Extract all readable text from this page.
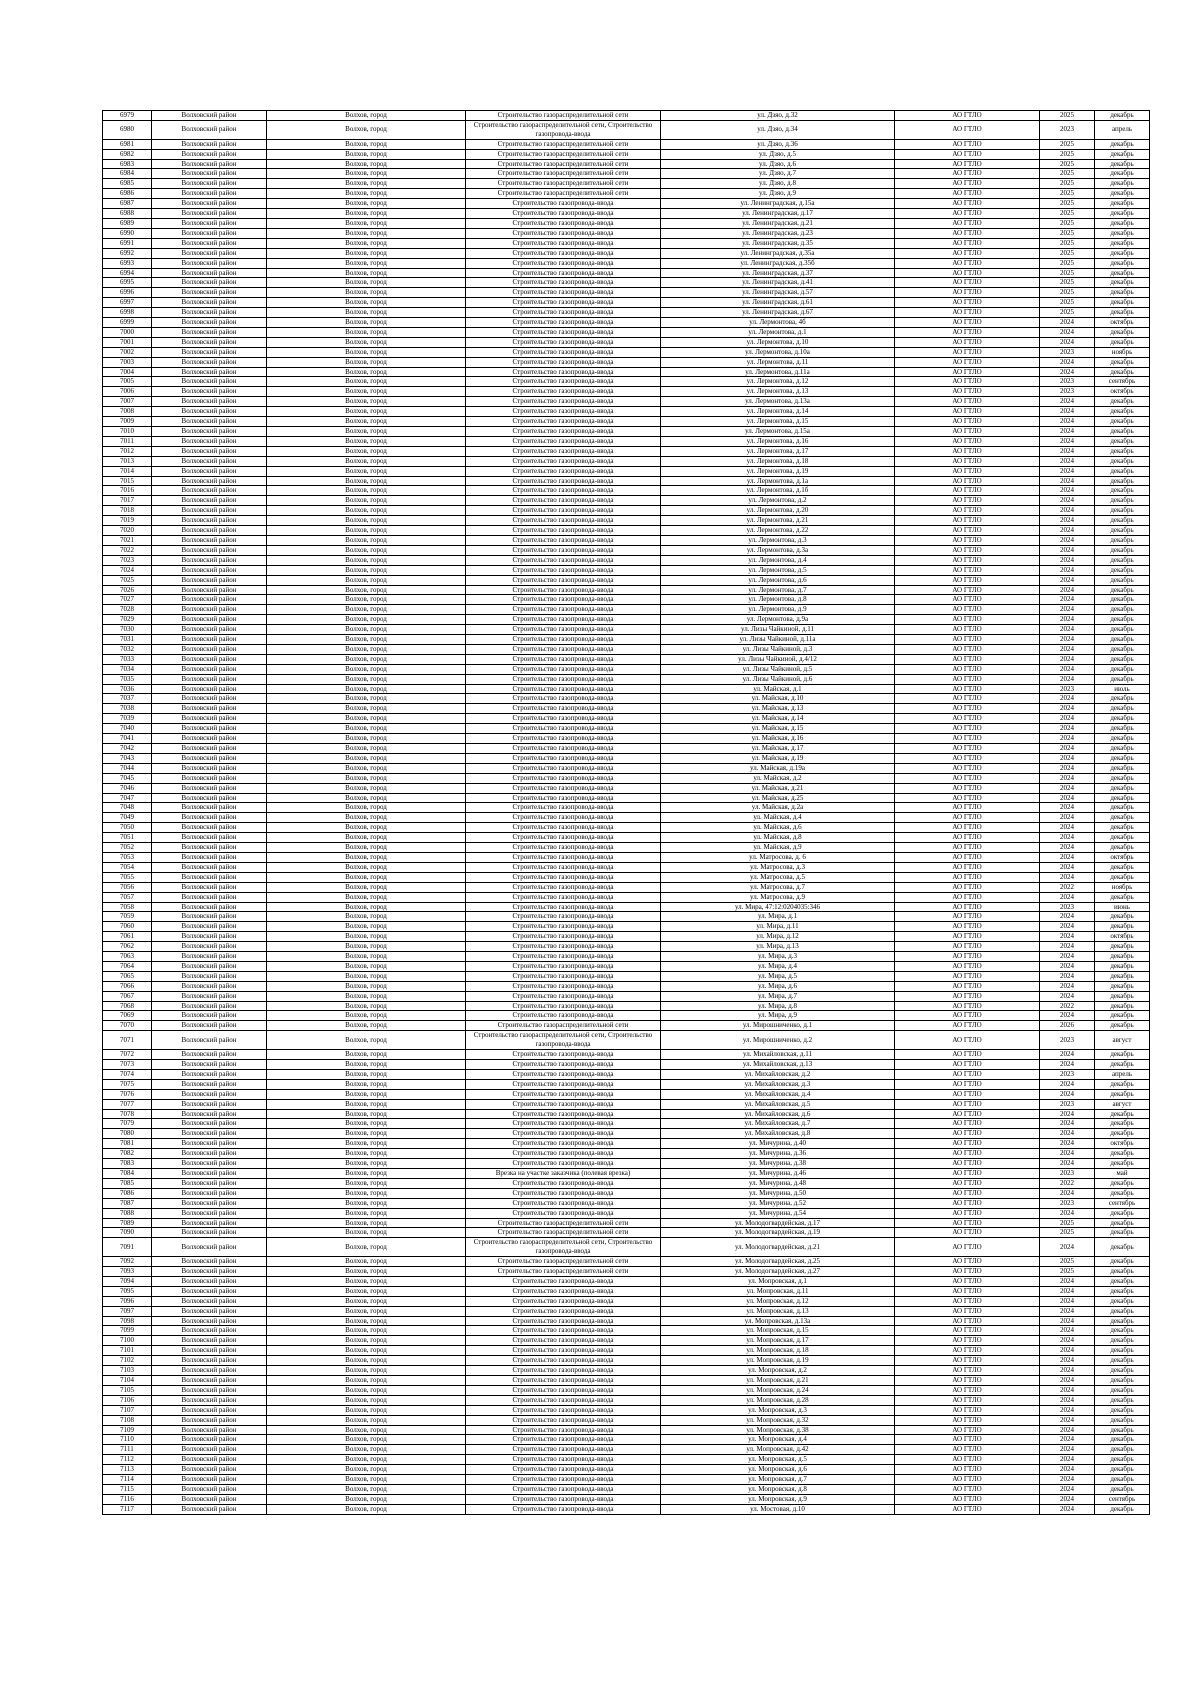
6979	Волховский район	Волхов, город	Строительство газораспределительной сети	ул. Дзяо, д.32	АО ГТЛО	2025	декабрь
6980	Волховский район	Волхов, город	Строительство газораспределительной сети, Строительство газопровода-ввода	ул. Дзяо, д.34	АО ГТЛО	2023	апрель
6981	Волховский район	Волхов, город	Строительство газораспределительной сети	ул. Дзяо, д.36	АО ГТЛО	2025	декабрь
6982	Волховский район	Волхов, город	Строительство газораспределительной сети	ул. Дзяо, д.5	АО ГТЛО	2025	декабрь
6983	Волховский район	Волхов, город	Строительство газораспределительной сети	ул. Дзяо, д.6	АО ГТЛО	2025	декабрь
6984	Волховский район	Волхов, город	Строительство газораспределительной сети	ул. Дзяо, д.7	АО ГТЛО	2025	декабрь
6985	Волховский район	Волхов, город	Строительство газораспределительной сети	ул. Дзяо, д.8	АО ГТЛО	2025	декабрь
6986	Волховский район	Волхов, город	Строительство газораспределительной сети	ул. Дзяо, д.9	АО ГТЛО	2025	декабрь
6987	Волховский район	Волхов, город	Строительство газопровода-ввода	ул. Ленинградская, д.15а	АО ГТЛО	2025	декабрь
6988	Волховский район	Волхов, город	Строительство газопровода-ввода	ул. Ленинградская, д.17	АО ГТЛО	2025	декабрь
6989	Волховский район	Волхов, город	Строительство газопровода-ввода	ул. Ленинградская, д.21	АО ГТЛО	2025	декабрь
6990	Волховский район	Волхов, город	Строительство газопровода-ввода	ул. Ленинградская, д.23	АО ГТЛО	2025	декабрь
6991	Волховский район	Волхов, город	Строительство газопровода-ввода	ул. Ленинградская, д.35	АО ГТЛО	2025	декабрь
6992	Волховский район	Волхов, город	Строительство газопровода-ввода	ул. Ленинградская, д.35а	АО ГТЛО	2025	декабрь
6993	Волховский район	Волхов, город	Строительство газопровода-ввода	ул. Ленинградская, д.35б	АО ГТЛО	2025	декабрь
6994	Волховский район	Волхов, город	Строительство газопровода-ввода	ул. Ленинградская, д.37	АО ГТЛО	2025	декабрь
6995	Волховский район	Волхов, город	Строительство газопровода-ввода	ул. Ленинградская, д.41	АО ГТЛО	2025	декабрь
6996	Волховский район	Волхов, город	Строительство газопровода-ввода	ул. Ленинградская, д.57	АО ГТЛО	2025	декабрь
6997	Волховский район	Волхов, город	Строительство газопровода-ввода	ул. Ленинградская, д.61	АО ГТЛО	2025	декабрь
6998	Волховский район	Волхов, город	Строительство газопровода-ввода	ул. Ленинградская, д.67	АО ГТЛО	2025	декабрь
6999	Волховский район	Волхов, город	Строительство газопровода-ввода	ул. Лермонтова, 4б	АО ГТЛО	2024	октябрь
7000	Волховский район	Волхов, город	Строительство газопровода-ввода	ул. Лермонтова, д.1	АО ГТЛО	2024	декабрь
7001	Волховский район	Волхов, город	Строительство газопровода-ввода	ул. Лермонтова, д.10	АО ГТЛО	2024	декабрь
7002	Волховский район	Волхов, город	Строительство газопровода-ввода	ул. Лермонтова, д.10а	АО ГТЛО	2023	ноябрь
7003	Волховский район	Волхов, город	Строительство газопровода-ввода	ул. Лермонтова, д.11	АО ГТЛО	2024	декабрь
7004	Волховский район	Волхов, город	Строительство газопровода-ввода	ул. Лермонтова, д.11а	АО ГТЛО	2024	декабрь
7005	Волховский район	Волхов, город	Строительство газопровода-ввода	ул. Лермонтова, д.12	АО ГТЛО	2023	сентябрь
7006	Волховский район	Волхов, город	Строительство газопровода-ввода	ул. Лермонтова, д.13	АО ГТЛО	2023	октябрь
7007	Волховский район	Волхов, город	Строительство газопровода-ввода	ул. Лермонтова, д.13а	АО ГТЛО	2024	декабрь
7008	Волховский район	Волхов, город	Строительство газопровода-ввода	ул. Лермонтова, д.14	АО ГТЛО	2024	декабрь
7009	Волховский район	Волхов, город	Строительство газопровода-ввода	ул. Лермонтова, д.15	АО ГТЛО	2024	декабрь
7010	Волховский район	Волхов, город	Строительство газопровода-ввода	ул. Лермонтова, д.15а	АО ГТЛО	2024	декабрь
7011	Волховский район	Волхов, город	Строительство газопровода-ввода	ул. Лермонтова, д.16	АО ГТЛО	2024	декабрь
7012	Волховский район	Волхов, город	Строительство газопровода-ввода	ул. Лермонтова, д.17	АО ГТЛО	2024	декабрь
7013	Волховский район	Волхов, город	Строительство газопровода-ввода	ул. Лермонтова, д.18	АО ГТЛО	2024	декабрь
7014	Волховский район	Волхов, город	Строительство газопровода-ввода	ул. Лермонтова, д.19	АО ГТЛО	2024	декабрь
7015	Волховский район	Волхов, город	Строительство газопровода-ввода	ул. Лермонтова, д.1а	АО ГТЛО	2024	декабрь
7016	Волховский район	Волхов, город	Строительство газопровода-ввода	ул. Лермонтова, д.1б	АО ГТЛО	2024	декабрь
7017	Волховский район	Волхов, город	Строительство газопровода-ввода	ул. Лермонтова, д.2	АО ГТЛО	2024	декабрь
7018	Волховский район	Волхов, город	Строительство газопровода-ввода	ул. Лермонтова, д.20	АО ГТЛО	2024	декабрь
7019	Волховский район	Волхов, город	Строительство газопровода-ввода	ул. Лермонтова, д.21	АО ГТЛО	2024	декабрь
7020	Волховский район	Волхов, город	Строительство газопровода-ввода	ул. Лермонтова, д.22	АО ГТЛО	2024	декабрь
7021	Волховский район	Волхов, город	Строительство газопровода-ввода	ул. Лермонтова, д.3	АО ГТЛО	2024	декабрь
7022	Волховский район	Волхов, город	Строительство газопровода-ввода	ул. Лермонтова, д.3а	АО ГТЛО	2024	декабрь
7023	Волховский район	Волхов, город	Строительство газопровода-ввода	ул. Лермонтова, д.4	АО ГТЛО	2024	декабрь
7024	Волховский район	Волхов, город	Строительство газопровода-ввода	ул. Лермонтова, д.5	АО ГТЛО	2024	декабрь
7025	Волховский район	Волхов, город	Строительство газопровода-ввода	ул. Лермонтова, д.6	АО ГТЛО	2024	декабрь
7026	Волховский район	Волхов, город	Строительство газопровода-ввода	ул. Лермонтова, д.7	АО ГТЛО	2024	декабрь
7027	Волховский район	Волхов, город	Строительство газопровода-ввода	ул. Лермонтова, д.8	АО ГТЛО	2024	декабрь
7028	Волховский район	Волхов, город	Строительство газопровода-ввода	ул. Лермонтова, д.9	АО ГТЛО	2024	декабрь
7029	Волховский район	Волхов, город	Строительство газопровода-ввода	ул. Лермонтова, д.9а	АО ГТЛО	2024	декабрь
7030	Волховский район	Волхов, город	Строительство газопровода-ввода	ул. Лизы Чайкиной, д.11	АО ГТЛО	2024	декабрь
7031	Волховский район	Волхов, город	Строительство газопровода-ввода	ул. Лизы Чайкиной, д.11а	АО ГТЛО	2024	декабрь
7032	Волховский район	Волхов, город	Строительство газопровода-ввода	ул. Лизы Чайкиной, д.3	АО ГТЛО	2024	декабрь
7033	Волховский район	Волхов, город	Строительство газопровода-ввода	ул. Лизы Чайкиной, д.4/12	АО ГТЛО	2024	декабрь
7034	Волховский район	Волхов, город	Строительство газопровода-ввода	ул. Лизы Чайкиной, д.5	АО ГТЛО	2024	декабрь
7035	Волховский район	Волхов, город	Строительство газопровода-ввода	ул. Лизы Чайкиной, д.6	АО ГТЛО	2024	декабрь
7036	Волховский район	Волхов, город	Строительство газопровода-ввода	ул. Майская, д.1	АО ГТЛО	2023	июль
7037	Волховский район	Волхов, город	Строительство газопровода-ввода	ул. Майская, д.10	АО ГТЛО	2024	декабрь
7038	Волховский район	Волхов, город	Строительство газопровода-ввода	ул. Майская, д.13	АО ГТЛО	2024	декабрь
7039	Волховский район	Волхов, город	Строительство газопровода-ввода	ул. Майская, д.14	АО ГТЛО	2024	декабрь
7040	Волховский район	Волхов, город	Строительство газопровода-ввода	ул. Майская, д.15	АО ГТЛО	2024	декабрь
7041	Волховский район	Волхов, город	Строительство газопровода-ввода	ул. Майская, д.16	АО ГТЛО	2024	декабрь
7042	Волховский район	Волхов, город	Строительство газопровода-ввода	ул. Майская, д.17	АО ГТЛО	2024	декабрь
7043	Волховский район	Волхов, город	Строительство газопровода-ввода	ул. Майская, д.19	АО ГТЛО	2024	декабрь
7044	Волховский район	Волхов, город	Строительство газопровода-ввода	ул. Майская, д.19а	АО ГТЛО	2024	декабрь
7045	Волховский район	Волхов, город	Строительство газопровода-ввода	ул. Майская, д.2	АО ГТЛО	2024	декабрь
7046	Волховский район	Волхов, город	Строительство газопровода-ввода	ул. Майская, д.21	АО ГТЛО	2024	декабрь
7047	Волховский район	Волхов, город	Строительство газопровода-ввода	ул. Майская, д.25	АО ГТЛО	2024	декабрь
7048	Волховский район	Волхов, город	Строительство газопровода-ввода	ул. Майская, д.2а	АО ГТЛО	2024	декабрь
7049	Волховский район	Волхов, город	Строительство газопровода-ввода	ул. Майская, д.4	АО ГТЛО	2024	декабрь
7050	Волховский район	Волхов, город	Строительство газопровода-ввода	ул. Майская, д.6	АО ГТЛО	2024	декабрь
7051	Волховский район	Волхов, город	Строительство газопровода-ввода	ул. Майская, д.8	АО ГТЛО	2024	декабрь
7052	Волховский район	Волхов, город	Строительство газопровода-ввода	ул. Майская, д.9	АО ГТЛО	2024	декабрь
7053	Волховский район	Волхов, город	Строительство газопровода-ввода	ул. Матросова, д. 6	АО ГТЛО	2024	октябрь
7054	Волховский район	Волхов, город	Строительство газопровода-ввода	ул. Матросова, д.3	АО ГТЛО	2024	декабрь
7055	Волховский район	Волхов, город	Строительство газопровода-ввода	ул. Матросова, д.5	АО ГТЛО	2024	декабрь
7056	Волховский район	Волхов, город	Строительство газопровода-ввода	ул. Матросова, д.7	АО ГТЛО	2022	ноябрь
7057	Волховский район	Волхов, город	Строительство газопровода-ввода	ул. Матросова, д.9	АО ГТЛО	2024	декабрь
7058	Волховский район	Волхов, город	Строительство газопровода-ввода	ул. Мира, 47:12:0204035:346	АО ГТЛО	2023	июнь
7059	Волховский район	Волхов, город	Строительство газопровода-ввода	ул. Мира, д.1	АО ГТЛО	2024	декабрь
7060	Волховский район	Волхов, город	Строительство газопровода-ввода	ул. Мира, д.11	АО ГТЛО	2024	декабрь
7061	Волховский район	Волхов, город	Строительство газопровода-ввода	ул. Мира, д.12	АО ГТЛО	2024	октябрь
7062	Волховский район	Волхов, город	Строительство газопровода-ввода	ул. Мира, д.13	АО ГТЛО	2024	декабрь
7063	Волховский район	Волхов, город	Строительство газопровода-ввода	ул. Мира, д.3	АО ГТЛО	2024	декабрь
7064	Волховский район	Волхов, город	Строительство газопровода-ввода	ул. Мира, д.4	АО ГТЛО	2024	декабрь
7065	Волховский район	Волхов, город	Строительство газопровода-ввода	ул. Мира, д.5	АО ГТЛО	2024	декабрь
7066	Волховский район	Волхов, город	Строительство газопровода-ввода	ул. Мира, д.6	АО ГТЛО	2024	декабрь
7067	Волховский район	Волхов, город	Строительство газопровода-ввода	ул. Мира, д.7	АО ГТЛО	2024	декабрь
7068	Волховский район	Волхов, город	Строительство газопровода-ввода	ул. Мира, д.8	АО ГТЛО	2022	декабрь
7069	Волховский район	Волхов, город	Строительство газопровода-ввода	ул. Мира, д.9	АО ГТЛО	2024	декабрь
7070	Волховский район	Волхов, город	Строительство газораспределительной сети	ул. Мирошниченко, д.1	АО ГТЛО	2026	декабрь
7071	Волховский район	Волхов, город	Строительство газораспределительной сети, Строительство газопровода-ввода	ул. Мирошниченко, д.2	АО ГТЛО	2023	август
7072	Волховский район	Волхов, город	Строительство газопровода-ввода	ул. Михайловская, д.11	АО ГТЛО	2024	декабрь
7073	Волховский район	Волхов, город	Строительство газопровода-ввода	ул. Михайловская, д.13	АО ГТЛО	2024	декабрь
7074	Волховский район	Волхов, город	Строительство газопровода-ввода	ул. Михайловская, д.2	АО ГТЛО	2023	апрель
7075	Волховский район	Волхов, город	Строительство газопровода-ввода	ул. Михайловская, д.3	АО ГТЛО	2024	декабрь
7076	Волховский район	Волхов, город	Строительство газопровода-ввода	ул. Михайловская, д.4	АО ГТЛО	2024	декабрь
7077	Волховский район	Волхов, город	Строительство газопровода-ввода	ул. Михайловская, д.5	АО ГТЛО	2023	август
7078	Волховский район	Волхов, город	Строительство газопровода-ввода	ул. Михайловская, д.6	АО ГТЛО	2024	декабрь
7079	Волховский район	Волхов, город	Строительство газопровода-ввода	ул. Михайловская, д.7	АО ГТЛО	2024	декабрь
7080	Волховский район	Волхов, город	Строительство газопровода-ввода	ул. Михайловская, д.8	АО ГТЛО	2024	декабрь
7081	Волховский район	Волхов, город	Строительство газопровода-ввода	ул. Мичурина, д.40	АО ГТЛО	2024	октябрь
7082	Волховский район	Волхов, город	Строительство газопровода-ввода	ул. Мичурина, д.36	АО ГТЛО	2024	декабрь
7083	Волховский район	Волхов, город	Строительство газопровода-ввода	ул. Мичурина, д.38	АО ГТЛО	2024	декабрь
7084	Волховский район	Волхов, город	Врезка на участке заказчика (полевая врезка)	ул. Мичурина, д.46	АО ГТЛО	2023	май
7085	Волховский район	Волхов, город	Строительство газопровода-ввода	ул. Мичурина, д.48	АО ГТЛО	2022	декабрь
7086	Волховский район	Волхов, город	Строительство газопровода-ввода	ул. Мичурина, д.50	АО ГТЛО	2024	декабрь
7087	Волховский район	Волхов, город	Строительство газопровода-ввода	ул. Мичурина, д.52	АО ГТЛО	2023	сентябрь
7088	Волховский район	Волхов, город	Строительство газопровода-ввода	ул. Мичурина, д.54	АО ГТЛО	2024	декабрь
7089	Волховский район	Волхов, город	Строительство газораспределительной сети	ул. Молодогвардейская, д.17	АО ГТЛО	2025	декабрь
7090	Волховский район	Волхов, город	Строительство газораспределительной сети	ул. Молодогвардейская, д.19	АО ГТЛО	2025	декабрь
7091	Волховский район	Волхов, город	Строительство газораспределительной сети, Строительство газопровода-ввода	ул. Молодогвардейская, д.21	АО ГТЛО	2024	декабрь
7092	Волховский район	Волхов, город	Строительство газораспределительной сети	ул. Молодогвардейская, д.25	АО ГТЛО	2025	декабрь
7093	Волховский район	Волхов, город	Строительство газораспределительной сети	ул. Молодогвардейская, д.27	АО ГТЛО	2025	декабрь
7094	Волховский район	Волхов, город	Строительство газопровода-ввода	ул. Мопровская, д.1	АО ГТЛО	2024	декабрь
7095	Волховский район	Волхов, город	Строительство газопровода-ввода	ул. Мопровская, д.11	АО ГТЛО	2024	декабрь
7096	Волховский район	Волхов, город	Строительство газопровода-ввода	ул. Мопровская, д.12	АО ГТЛО	2024	декабрь
7097	Волховский район	Волхов, город	Строительство газопровода-ввода	ул. Мопровская, д.13	АО ГТЛО	2024	декабрь
7098	Волховский район	Волхов, город	Строительство газопровода-ввода	ул. Мопровская, д.13а	АО ГТЛО	2024	декабрь
7099	Волховский район	Волхов, город	Строительство газопровода-ввода	ул. Мопровская, д.15	АО ГТЛО	2024	декабрь
7100	Волховский район	Волхов, город	Строительство газопровода-ввода	ул. Мопровская, д.17	АО ГТЛО	2024	декабрь
7101	Волховский район	Волхов, город	Строительство газопровода-ввода	ул. Мопровская, д.18	АО ГТЛО	2024	декабрь
7102	Волховский район	Волхов, город	Строительство газопровода-ввода	ул. Мопровская, д.19	АО ГТЛО	2024	декабрь
7103	Волховский район	Волхов, город	Строительство газопровода-ввода	ул. Мопровская, д.2	АО ГТЛО	2024	декабрь
7104	Волховский район	Волхов, город	Строительство газопровода-ввода	ул. Мопровская, д.21	АО ГТЛО	2024	декабрь
7105	Волховский район	Волхов, город	Строительство газопровода-ввода	ул. Мопровская, д.24	АО ГТЛО	2024	декабрь
7106	Волховский район	Волхов, город	Строительство газопровода-ввода	ул. Мопровская, д.28	АО ГТЛО	2024	декабрь
7107	Волховский район	Волхов, город	Строительство газопровода-ввода	ул. Мопровская, д.3	АО ГТЛО	2024	декабрь
7108	Волховский район	Волхов, город	Строительство газопровода-ввода	ул. Мопровская, д.32	АО ГТЛО	2024	декабрь
7109	Волховский район	Волхов, город	Строительство газопровода-ввода	ул. Мопровская, д.38	АО ГТЛО	2024	декабрь
7110	Волховский район	Волхов, город	Строительство газопровода-ввода	ул. Мопровская, д.4	АО ГТЛО	2024	декабрь
7111	Волховский район	Волхов, город	Строительство газопровода-ввода	ул. Мопровская, д.42	АО ГТЛО	2024	декабрь
7112	Волховский район	Волхов, город	Строительство газопровода-ввода	ул. Мопровская, д.5	АО ГТЛО	2024	декабрь
7113	Волховский район	Волхов, город	Строительство газопровода-ввода	ул. Мопровская, д.6	АО ГТЛО	2024	декабрь
7114	Волховский район	Волхов, город	Строительство газопровода-ввода	ул. Мопровская, д.7	АО ГТЛО	2024	декабрь
7115	Волховский район	Волхов, город	Строительство газопровода-ввода	ул. Мопровская, д.8	АО ГТЛО	2024	декабрь
7116	Волховский район	Волхов, город	Строительство газопровода-ввода	ул. Мопровская, д.9	АО ГТЛО	2024	сентябрь
7117	Волховский район	Волхов, город	Строительство газопровода-ввода	ул. Мостовая, д.10	АО ГТЛО	2024	декабрь
